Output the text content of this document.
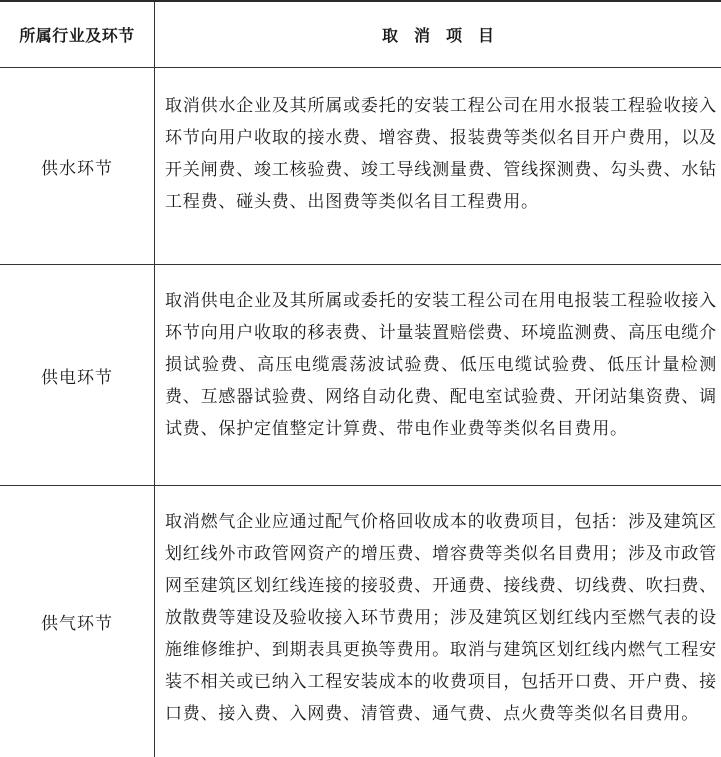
所属行业及环节	取消项目
供水环节
取消供水企业及其所属或委托的安装工程公司在用水报装工程验收接入环节向用户收取的接水费、增容费、报装费等类似名目开户费用，以及开关闸费、竣工核验费、竣工导线测量费、管线探测费、勾头费、水钻工程费、碰头费、出图费等类似名目工程费用。
供电环节
取消供电企业及其所属或委托的安装工程公司在用电报装工程验收接入环节向用户收取的移表费、计量装置赔偿费、环境监测费、高压电缆介损试验费、高压电缆震荡波试验费、低压电缆试验费、低压计量检测费、互感器试验费、网络自动化费、配电室试验费、开闭站集资费、调试费、保护定值整定计算费、带电作业费等类似名目费用。
供气环节
取消燃气企业应通过配气价格回收成本的收费项目，包括：涉及建筑区划红线外市政管网资产的增压费、增容费等类似名目费用；涉及市政管网至建筑区划红线连接的接驳费、开通费、接线费、切线费、吹扫费、放散费等建设及验收接入环节费用；涉及建筑区划红线内至燃气表的设施维修维护、到期表具更换等费用。取消与建筑区划红线内燃气工程安装不相关或已纳入工程安装成本的收费项目，包括开口费、开户费、接口费、接入费、入网费、清管费、通气费、点火费等类似名目费用。
